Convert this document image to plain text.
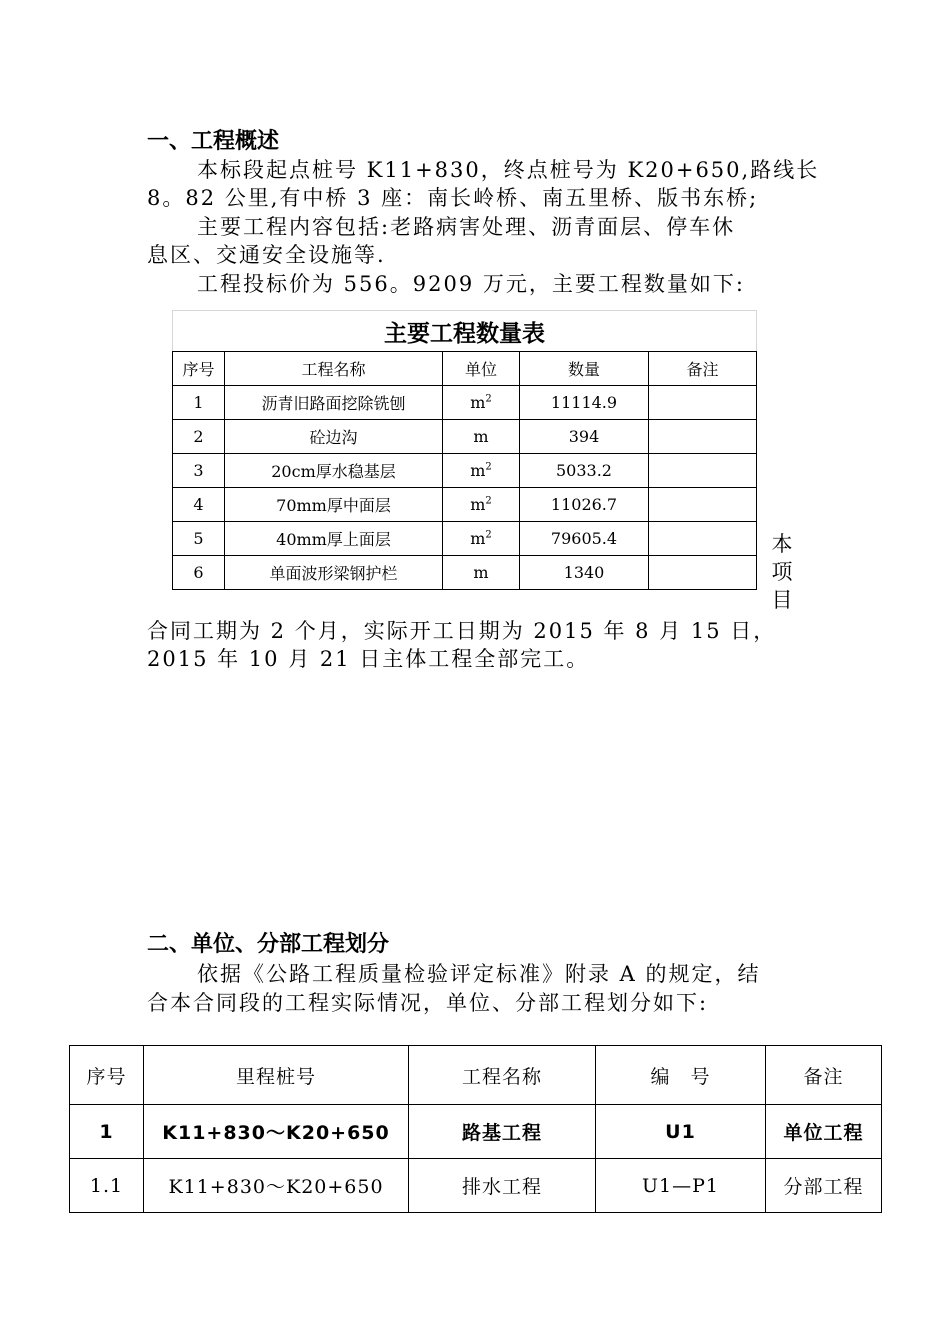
一、工程概述
本标段起点桩号 K11+830，终点桩号为 K20+650,路线长
8。82 公里,有中桥 3 座：南长岭桥、南五里桥、版书东桥;
主要工程内容包括:老路病害处理、沥青面层、停车休
息区、交通安全设施等.
工程投标价为 556。9209 万元，主要工程数量如下:
主要工程数量表				
序号	工程名称	单位	数量	备注
1	沥青旧路面挖除铣刨	$m^2$	11114.9	
2	砼边沟	m	394	
3	20cm厚水稳基层	$m^2$	5033.2	
4	70mm厚中面层	$m^2$	11026.7	
5	40mm厚上面层	$m^2$	79605.4	
6	单面波形梁钢护栏	m	1340	
本
项
目
合同工期为 2 个月，实际开工日期为 2015 年 8 月 15 日，
2015 年 10 月 21 日主体工程全部完工。
二、单位、分部工程划分
依据《公路工程质量检验评定标准》附录 A 的规定，结
合本合同段的工程实际情况，单位、分部工程划分如下:
序号	里程桩号	工程名称	编　号	备注
1	K11+830～K20+650	路基工程	U1	单位工程
1.1	K11+830～K20+650	排水工程	U1—P1	分部工程
